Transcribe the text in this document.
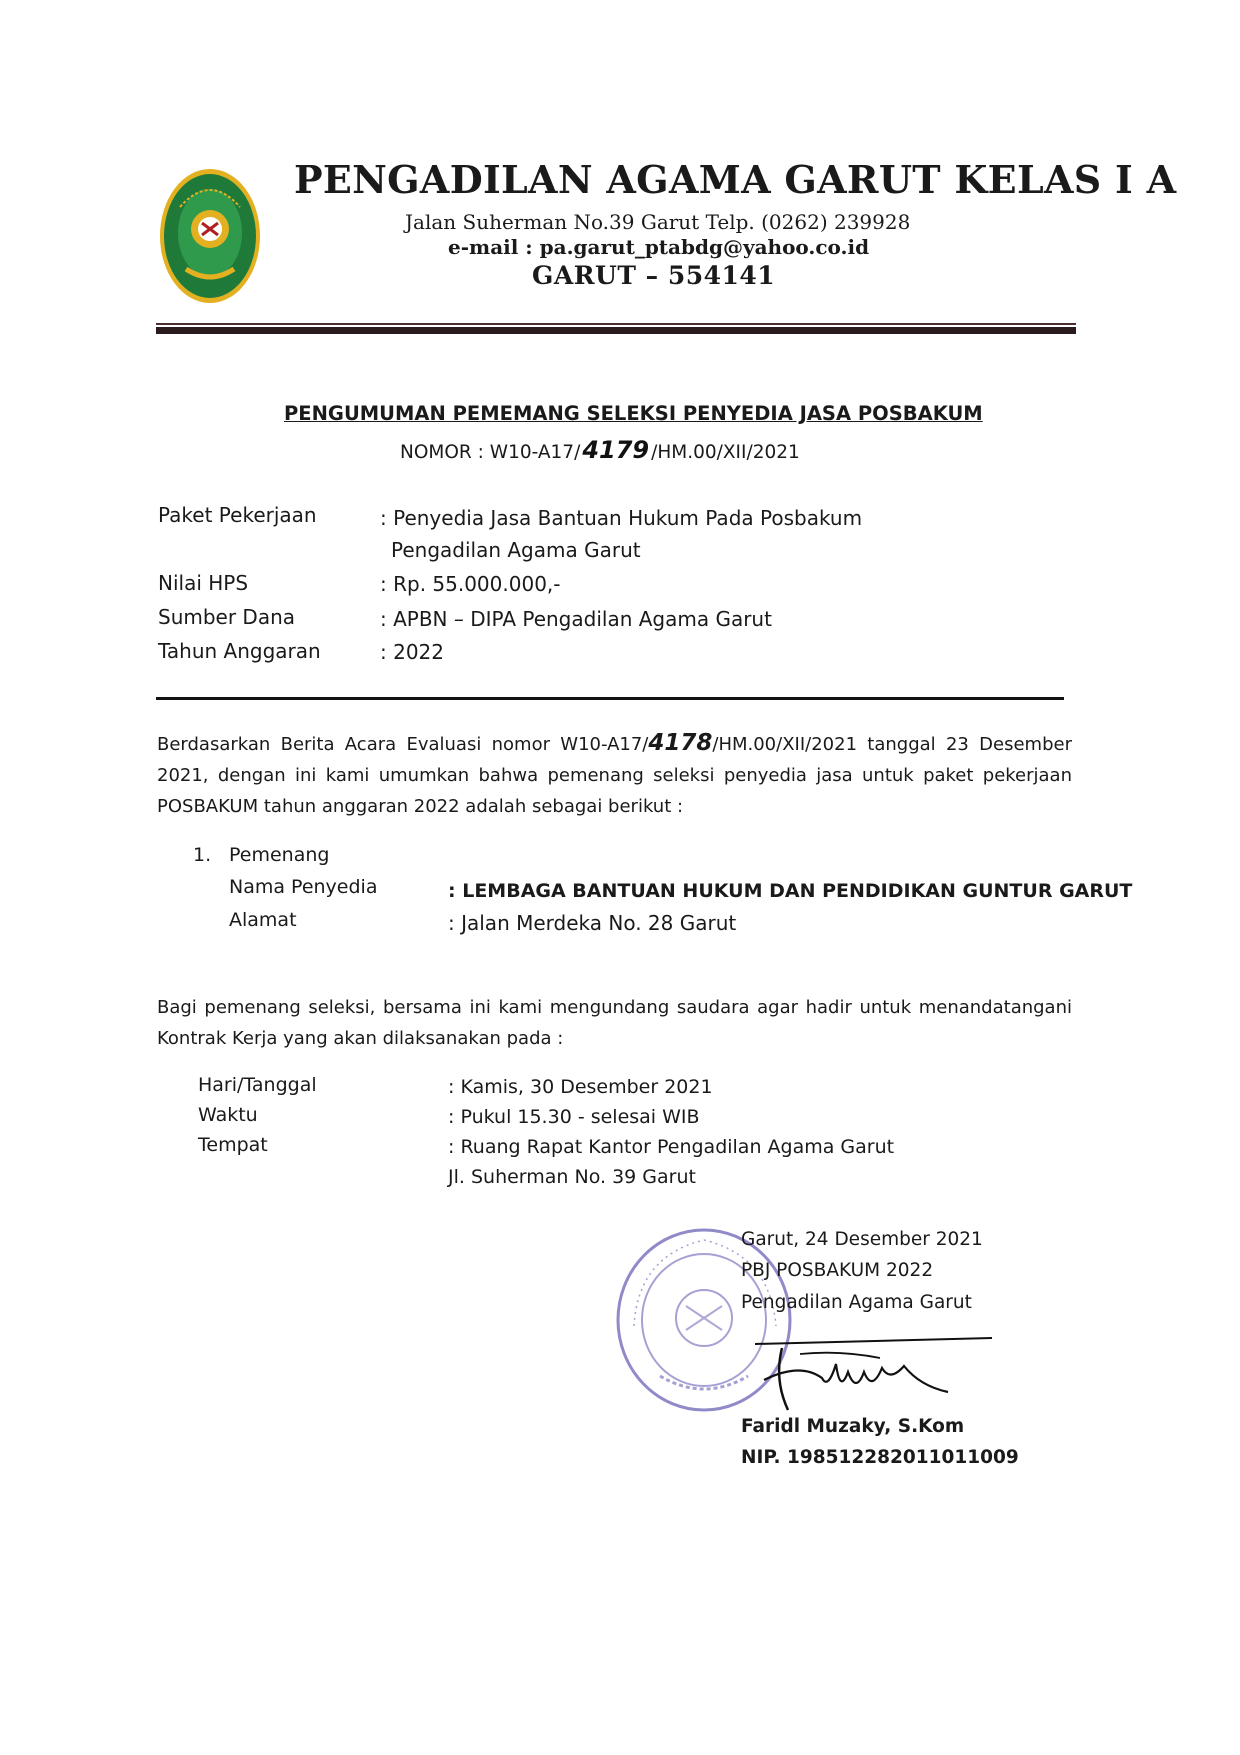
PENGADILAN AGAMA GARUT KELAS I A
Jalan Suherman No.39 Garut Telp. (0262) 239928
e-mail : pa.garut_ptabdg@yahoo.co.id
GARUT – 554141
PENGUMUMAN PEMEMANG SELEKSI PENYEDIA JASA POSBAKUM
NOMOR : W10-A17/4179 /HM.00/XII/2021
Paket Pekerjaan	: Penyedia Jasa Bantuan Hukum Pada Posbakum
Pengadilan Agama Garut
Nilai HPS	: Rp. 55.000.000,-
Sumber Dana	: APBN – DIPA Pengadilan Agama Garut
Tahun Anggaran	: 2022
Berdasarkan Berita Acara Evaluasi nomor W10-A17/4178/HM.00/XII/2021 tanggal 23 Desember 2021, dengan ini kami umumkan bahwa pemenang seleksi penyedia jasa untuk paket pekerjaan POSBAKUM tahun anggaran 2022 adalah sebagai berikut :
1. Pemenang
Nama Penyedia	: LEMBAGA BANTUAN HUKUM DAN PENDIDIKAN GUNTUR GARUT
Alamat	: Jalan Merdeka No. 28 Garut
Bagi pemenang seleksi, bersama ini kami mengundang saudara agar hadir untuk menandatangani Kontrak Kerja yang akan dilaksanakan pada :
Hari/Tanggal	: Kamis, 30 Desember 2021
Waktu	: Pukul 15.30 - selesai WIB
Tempat	: Ruang Rapat Kantor Pengadilan Agama Garut
Jl. Suherman No. 39 Garut
Garut, 24 Desember 2021
PBJ POSBAKUM 2022
Pengadilan Agama Garut
Faridl Muzaky, S.Kom
NIP. 198512282011011009
